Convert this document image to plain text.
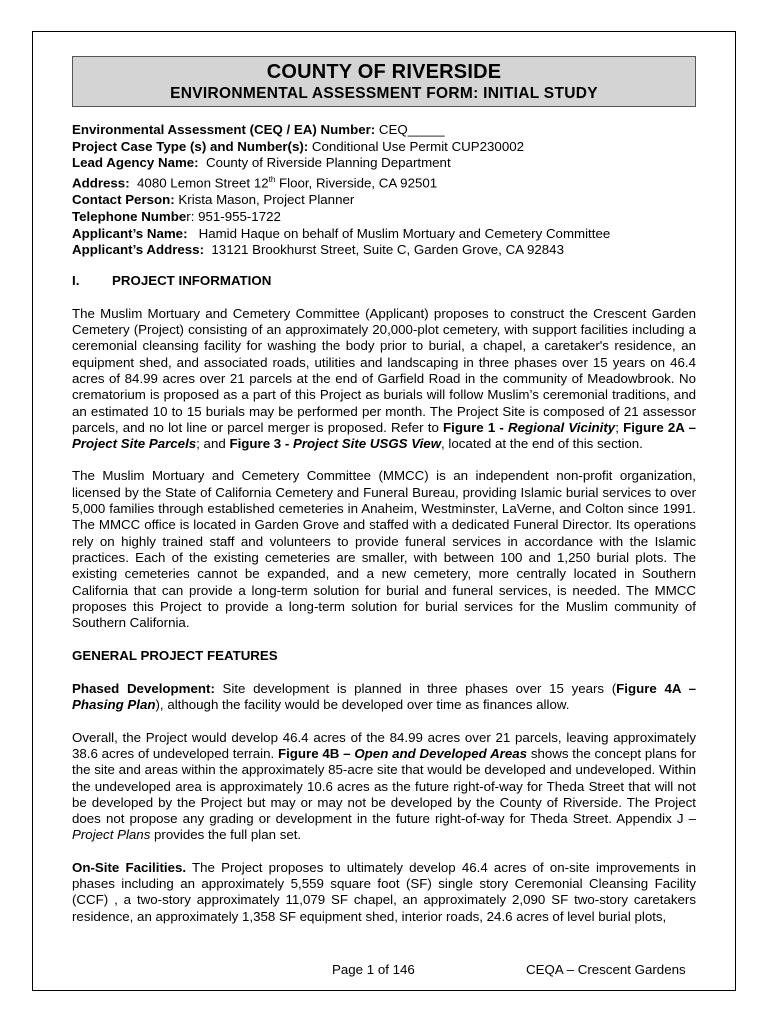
COUNTY OF RIVERSIDE
ENVIRONMENTAL ASSESSMENT FORM: INITIAL STUDY
Environmental Assessment (CEQ / EA) Number: CEQ_____
Project Case Type (s) and Number(s): Conditional Use Permit CUP230002
Lead Agency Name:  County of Riverside Planning Department
Address:  4080 Lemon Street 12th Floor, Riverside, CA 92501
Contact Person: Krista Mason, Project Planner
Telephone Number: 951-955-1722
Applicant’s Name:   Hamid Haque on behalf of Muslim Mortuary and Cemetery Committee
Applicant’s Address:  13121 Brookhurst Street, Suite C, Garden Grove, CA 92843
I. PROJECT INFORMATION
The Muslim Mortuary and Cemetery Committee (Applicant) proposes to construct the Crescent Garden Cemetery (Project) consisting of an approximately 20,000-plot cemetery, with support facilities including a ceremonial cleansing facility for washing the body prior to burial, a chapel, a caretaker's residence, an equipment shed, and associated roads, utilities and landscaping in three phases over 15 years on 46.4 acres of 84.99 acres over 21 parcels at the end of Garfield Road in the community of Meadowbrook. No crematorium is proposed as a part of this Project as burials will follow Muslim’s ceremonial traditions, and an estimated 10 to 15 burials may be performed per month. The Project Site is composed of 21 assessor parcels, and no lot line or parcel merger is proposed. Refer to Figure 1 - Regional Vicinity; Figure 2A – Project Site Parcels; and Figure 3 - Project Site USGS View, located at the end of this section.
The Muslim Mortuary and Cemetery Committee (MMCC) is an independent non-profit organization, licensed by the State of California Cemetery and Funeral Bureau, providing Islamic burial services to over 5,000 families through established cemeteries in Anaheim, Westminster, LaVerne, and Colton since 1991. The MMCC office is located in Garden Grove and staffed with a dedicated Funeral Director. Its operations rely on highly trained staff and volunteers to provide funeral services in accordance with the Islamic practices. Each of the existing cemeteries are smaller, with between 100 and 1,250 burial plots. The existing cemeteries cannot be expanded, and a new cemetery, more centrally located in Southern California that can provide a long-term solution for burial and funeral services, is needed. The MMCC proposes this Project to provide a long-term solution for burial services for the Muslim community of Southern California.
GENERAL PROJECT FEATURES
Phased Development: Site development is planned in three phases over 15 years (Figure 4A – Phasing Plan), although the facility would be developed over time as finances allow.
Overall, the Project would develop 46.4 acres of the 84.99 acres over 21 parcels, leaving approximately 38.6 acres of undeveloped terrain. Figure 4B – Open and Developed Areas shows the concept plans for the site and areas within the approximately 85-acre site that would be developed and undeveloped. Within the undeveloped area is approximately 10.6 acres as the future right-of-way for Theda Street that will not be developed by the Project but may or may not be developed by the County of Riverside. The Project does not propose any grading or development in the future right-of-way for Theda Street. Appendix J – Project Plans provides the full plan set.
On-Site Facilities. The Project proposes to ultimately develop 46.4 acres of on-site improvements in phases including an approximately 5,559 square foot (SF) single story Ceremonial Cleansing Facility (CCF) , a two-story approximately 11,079 SF chapel, an approximately 2,090 SF two-story caretakers residence, an approximately 1,358 SF equipment shed, interior roads, 24.6 acres of level burial plots,
Page 1 of 146	CEQA – Crescent Gardens
